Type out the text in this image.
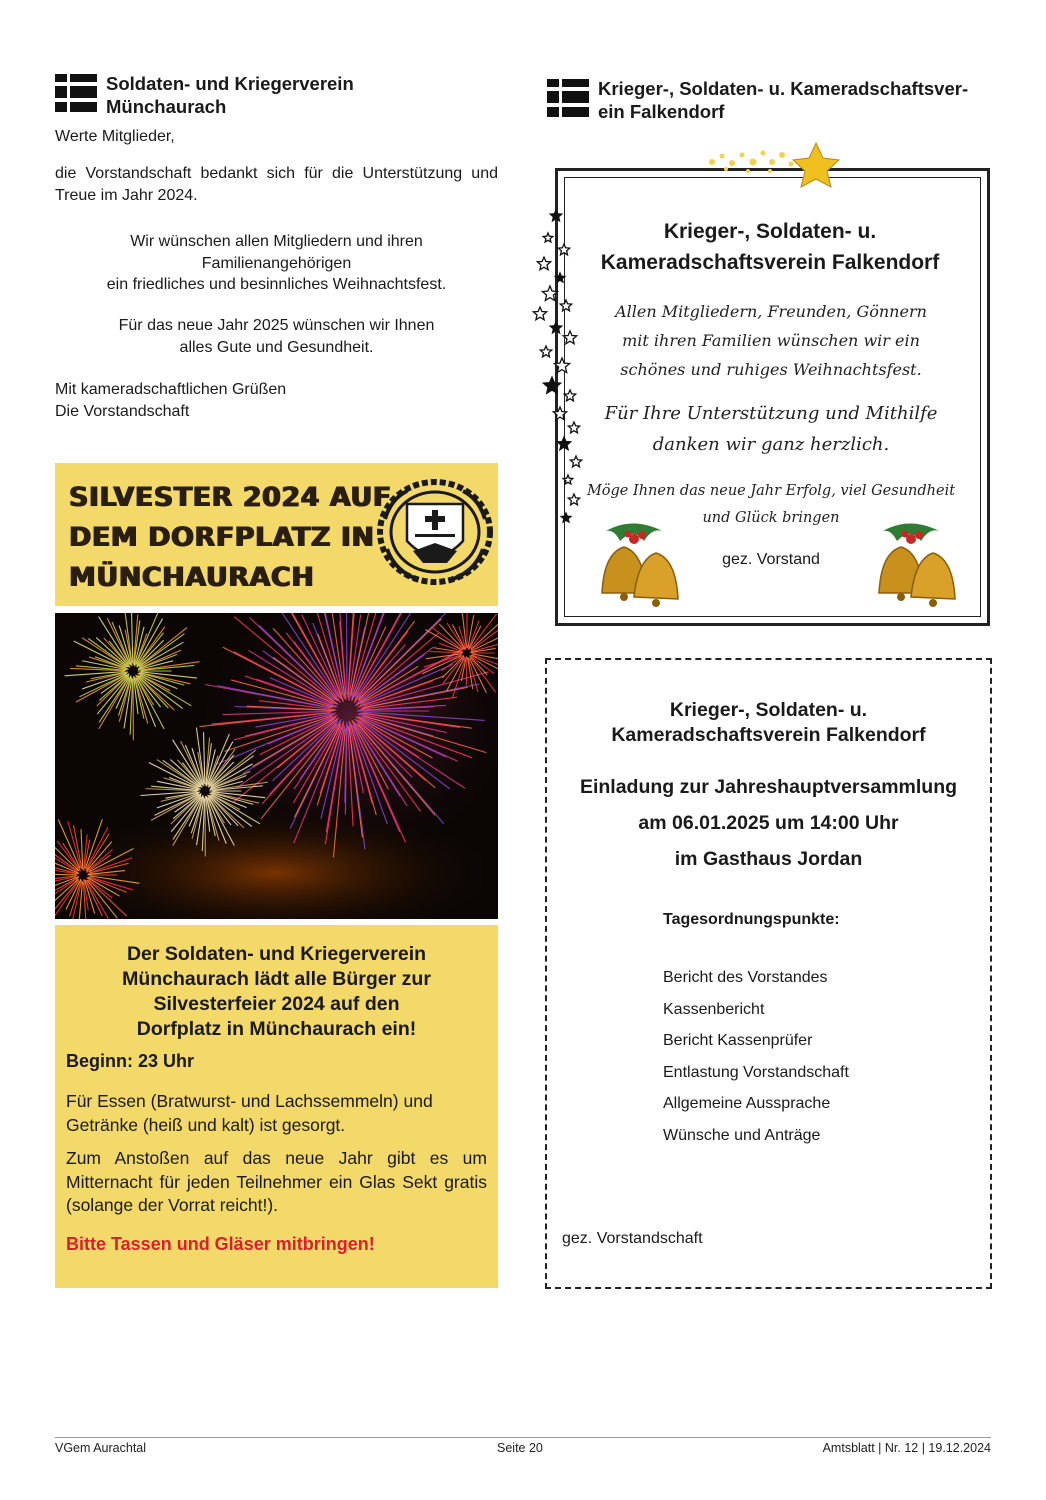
Soldaten- und Kriegerverein
Münchaurach
Werte Mitglieder,
die Vorstandschaft bedankt sich für die Unterstützung und Treue im Jahr 2024.
Wir wünschen allen Mitgliedern und ihren
Familienangehörigen
ein friedliches und besinnliches Weihnachtsfest.
Für das neue Jahr 2025 wünschen wir Ihnen
alles Gute und Gesundheit.
Mit kameradschaftlichen Grüßen
Die Vorstandschaft
SILVESTER 2024 AUF
DEM DORFPLATZ IN
MÜNCHAURACH
Der Soldaten- und Kriegerverein
Münchaurach lädt alle Bürger zur
Silvesterfeier 2024 auf den
Dorfplatz in Münchaurach ein!
Beginn: 23 Uhr
Für Essen (Bratwurst- und Lachssemmeln) und Getränke (heiß und kalt) ist gesorgt.
Zum Anstoßen auf das neue Jahr gibt es um Mitternacht für jeden Teilnehmer ein Glas Sekt gratis (solange der Vorrat reicht!).
Bitte Tassen und Gläser mitbringen!
Krieger-, Soldaten- u. Kameradschaftsver-
ein Falkendorf
Krieger-, Soldaten- u.
Kameradschaftsverein Falkendorf
Allen Mitgliedern, Freunden, Gönnern
mit ihren Familien wünschen wir ein
schönes und ruhiges Weihnachtsfest.
Für Ihre Unterstützung und Mithilfe
danken wir ganz herzlich.
Möge Ihnen das neue Jahr Erfolg, viel Gesundheit
und Glück bringen
gez. Vorstand
Krieger-, Soldaten- u.
Kameradschaftsverein Falkendorf
Einladung zur Jahreshauptversammlung
am 06.01.2025 um 14:00 Uhr
im Gasthaus Jordan
Tagesordnungspunkte:
Bericht des Vorstandes
Kassenbericht
Bericht Kassenprüfer
Entlastung Vorstandschaft
Allgemeine Aussprache
Wünsche und Anträge
gez. Vorstandschaft
VGem Aurachtal	Seite 20	Amtsblatt | Nr. 12 | 19.12.2024
